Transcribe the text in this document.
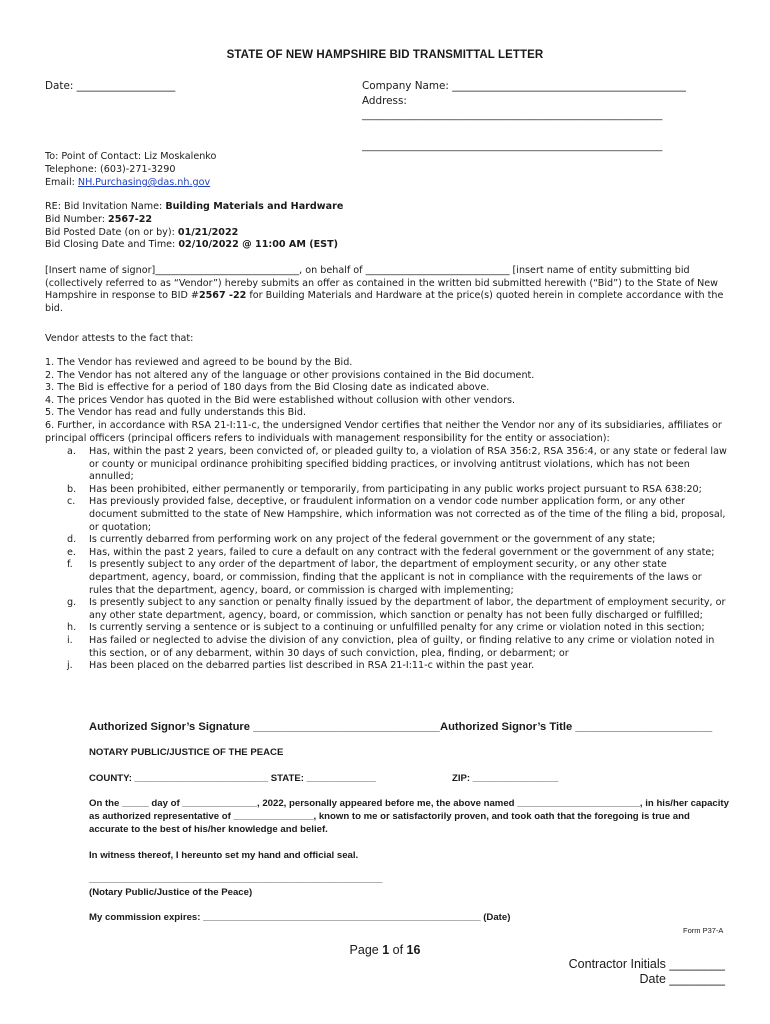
STATE OF NEW HAMPSHIRE BID TRANSMITTAL LETTER
Date: ___________________	Company Name: _____________________________________________
Address:
______________________________________________________________
______________________________________________________________
To: Point of Contact: Liz Moskalenko
Telephone: (603)-271-3290
Email: NH.Purchasing@das.nh.gov
RE: Bid Invitation Name: Building Materials and Hardware
Bid Number: 2567-22
Bid Posted Date (on or by): 01/21/2022
Bid Closing Date and Time: 02/10/2022 @ 11:00 AM (EST)
[Insert name of signor]______________________________, on behalf of ______________________________ [insert name of entity submitting bid (collectively referred to as “Vendor”) hereby submits an offer as contained in the written bid submitted herewith (“Bid”) to the State of New Hampshire in response to BID #2567 -22 for Building Materials and Hardware at the price(s) quoted herein in complete accordance with the bid.
Vendor attests to the fact that:
1. The Vendor has reviewed and agreed to be bound by the Bid.
2. The Vendor has not altered any of the language or other provisions contained in the Bid document.
3. The Bid is effective for a period of 180 days from the Bid Closing date as indicated above.
4. The prices Vendor has quoted in the Bid were established without collusion with other vendors.
5. The Vendor has read and fully understands this Bid.
6. Further, in accordance with RSA 21-I:11-c, the undersigned Vendor certifies that neither the Vendor nor any of its subsidiaries, affiliates or principal officers (principal officers refers to individuals with management responsibility for the entity or association):
a. Has, within the past 2 years, been convicted of, or pleaded guilty to, a violation of RSA 356:2, RSA 356:4, or any state or federal law or county or municipal ordinance prohibiting specified bidding practices, or involving antitrust violations, which has not been annulled;
b. Has been prohibited, either permanently or temporarily, from participating in any public works project pursuant to RSA 638:20;
c. Has previously provided false, deceptive, or fraudulent information on a vendor code number application form, or any other document submitted to the state of New Hampshire, which information was not corrected as of the time of the filing a bid, proposal, or quotation;
d. Is currently debarred from performing work on any project of the federal government or the government of any state;
e. Has, within the past 2 years, failed to cure a default on any contract with the federal government or the government of any state;
f. Is presently subject to any order of the department of labor, the department of employment security, or any other state department, agency, board, or commission, finding that the applicant is not in compliance with the requirements of the laws or rules that the department, agency, board, or commission is charged with implementing;
g. Is presently subject to any sanction or penalty finally issued by the department of labor, the department of employment security, or any other state department, agency, board, or commission, which sanction or penalty has not been fully discharged or fulfilled;
h. Is currently serving a sentence or is subject to a continuing or unfulfilled penalty for any crime or violation noted in this section;
i. Has failed or neglected to advise the division of any conviction, plea of guilty, or finding relative to any crime or violation noted in this section, or of any debarment, within 30 days of such conviction, plea, finding, or debarment; or
j. Has been placed on the debarred parties list described in RSA 21-I:11-c within the past year.
Authorized Signor’s Signature ______________________________ Authorized Signor’s Title ______________________
NOTARY PUBLIC/JUSTICE OF THE PEACE
COUNTY: _________________________ STATE: _____________	ZIP: ________________
On the _____ day of ______________, 2022, personally appeared before me, the above named _______________________, in his/her capacity as authorized representative of _______________, known to me or satisfactorily proven, and took oath that the foregoing is true and accurate to the best of his/her knowledge and belief.
In witness thereof, I hereunto set my hand and official seal.
_______________________________________________________
(Notary Public/Justice of the Peace)
My commission expires: ____________________________________________________ (Date)
Form P37-A
Page 1 of 16
Contractor Initials ________
Date ________
